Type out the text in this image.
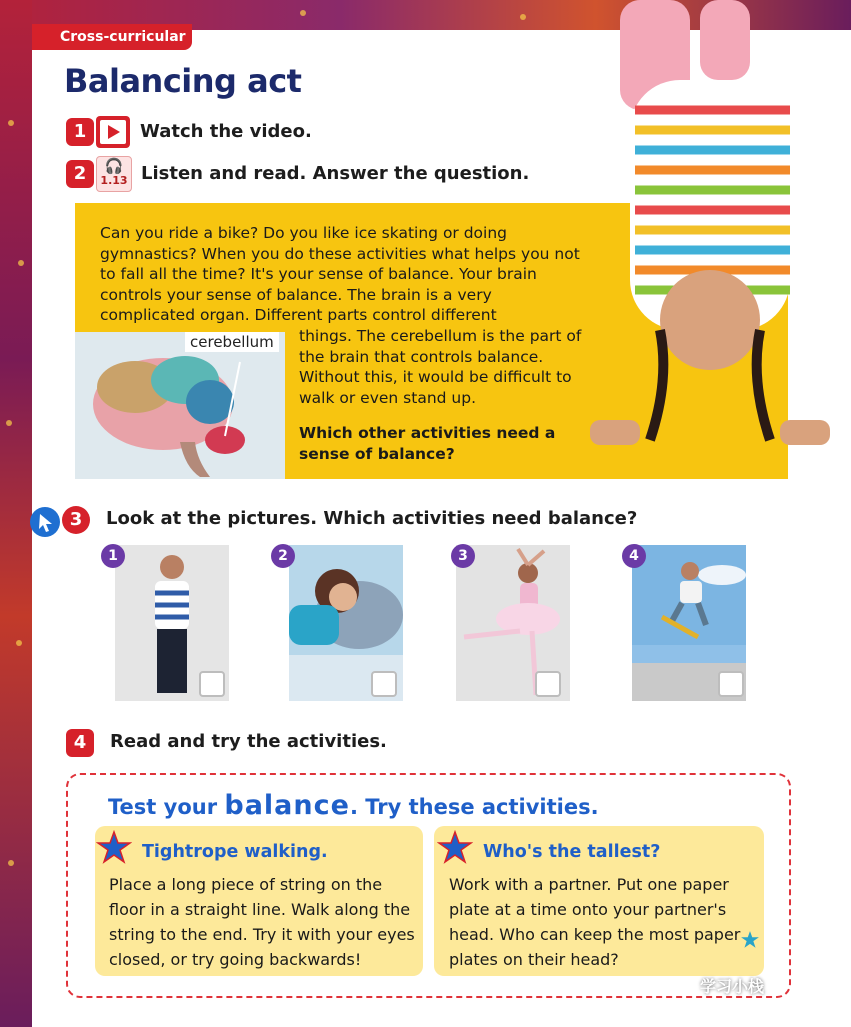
Cross-curricular
Balancing act
1	Watch the video.
2	🎧
1.13 Listen and read. Answer the question.

Can you ride a bike? Do you like ice skating or doing gymnastics? When you do these activities what helps you not to fall all the time? It's your sense of balance. Your brain controls your sense of balance. The brain is a very complicated organ. Different parts control different

cerebellum	things. The cerebellum is the part of the brain that controls balance. Without this, it would be difficult to walk or even stand up.

Which other activities need a sense of balance?

3	Look at the pictures. Which activities need balance?
1	2	3	4
4	Read and try the activities.
Test your balance. Try these activities.
Tightrope walking.
Place a long piece of string on the floor in a straight line. Walk along the string to the end. Try it with your eyes closed, or try going backwards!
Who's the tallest?
Work with a partner. Put one paper plate at a time onto your partner's head. Who can keep the most paper plates on their head?
学习小栈
